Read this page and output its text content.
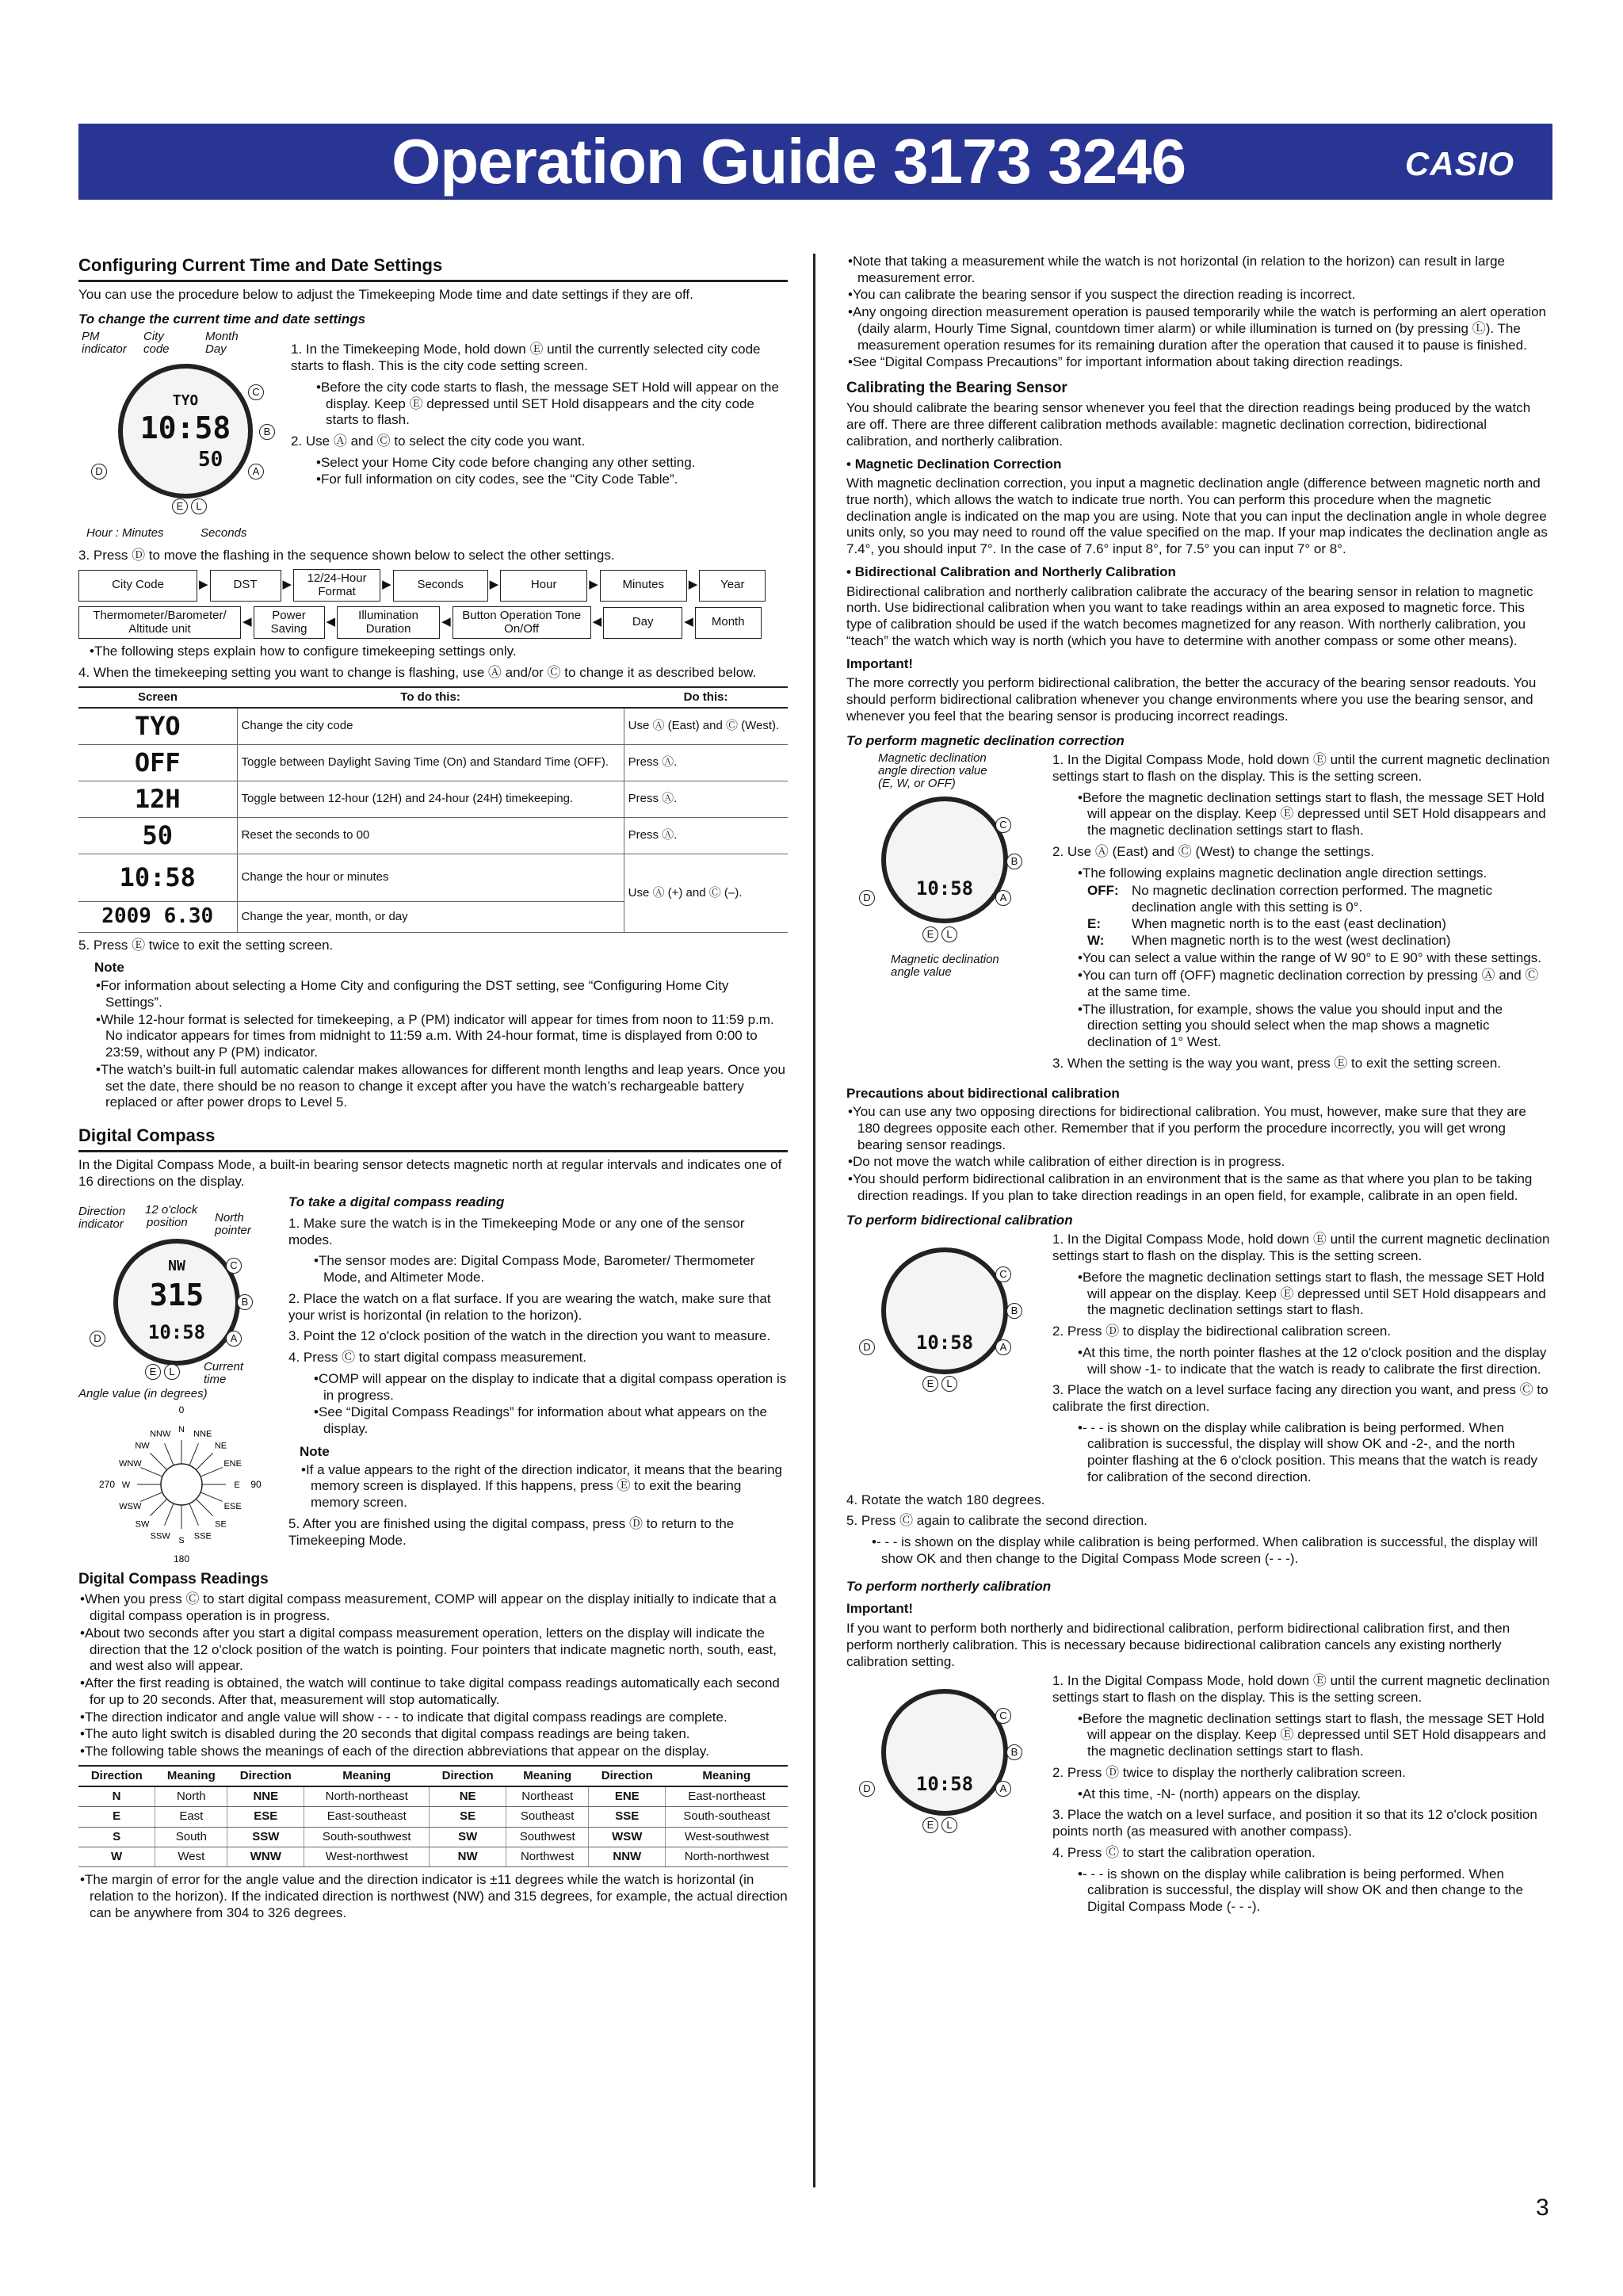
Operation Guide 3173 3246	CASIO
Configuring Current Time and Date Settings

You can use the procedure below to adjust the Timekeeping Mode time and date settings if they are off.

To change the current time and date settings
PM
indicator
City
code
Month
Day
TYO
10:58
50
C
B
A
D
E	L
Hour : Minutes	Seconds
1. In the Timekeeping Mode, hold down Ⓔ until the currently selected city code starts to flash. This is the city code setting screen.
• Before the city code starts to flash, the message SET Hold will appear on the display. Keep Ⓔ depressed until SET Hold disappears and the city code starts to flash.
2. Use Ⓐ and Ⓒ to select the city code you want.
• Select your Home City code before changing any other setting.
• For full information on city codes, see the “City Code Table”.
3. Press Ⓓ to move the flashing in the sequence shown below to select the other settings.
City Code	▶	DST	▶	12/24-Hour Format	▶	Seconds	▶	Hour	▶	Minutes	▶	Year
Thermometer/Barometer/ Altitude unit	◀	Power Saving	◀	Illumination Duration	◀ Button Operation Tone On/Off	◀	Day	◀	Month
• The following steps explain how to configure timekeeping settings only.
4. When the timekeeping setting you want to change is flashing, use Ⓐ and/or Ⓒ to change it as described below.
Screen	To do this:	Do this:
TYO	Change the city code	Use Ⓐ (East) and Ⓒ (West).
OFF	Toggle between Daylight Saving Time (On) and Standard Time (OFF).	Press Ⓐ.
12H	Toggle between 12-hour (12H) and 24-hour (24H) timekeeping.	Press Ⓐ.
50	Reset the seconds to 00	Press Ⓐ.
10:58	Change the hour or minutes	Use Ⓐ (+) and Ⓒ (–).
2009 6.30	Change the year, month, or day	
5. Press Ⓔ twice to exit the setting screen.
Note
• For information about selecting a Home City and configuring the DST setting, see “Configuring Home City Settings”.
• While 12-hour format is selected for timekeeping, a P (PM) indicator will appear for times from noon to 11:59 p.m. No indicator appears for times from midnight to 11:59 a.m. With 24-hour format, time is displayed from 0:00 to 23:59, without any P (PM) indicator.
• The watch’s built-in full automatic calendar makes allowances for different month lengths and leap years. Once you set the date, there should be no reason to change it except after you have the watch’s rechargeable battery replaced or after power drops to Level 5.
Digital Compass

In the Digital Compass Mode, a built-in bearing sensor detects magnetic north at regular intervals and indicates one of 16 directions on the display.

Direction
indicator
12 o'clock
position North
pointer
NW
315
10:58
C
B
A
D
E	L	Current
time
Angle value (in degrees)
0
90
180
270
N NNE
NE
ENE
E
ESE
SE
SSE
S
SSW
SW
WSW
W
WNW
NW
NNW
To take a digital compass reading
1. Make sure the watch is in the Timekeeping Mode or any one of the sensor modes.
• The sensor modes are: Digital Compass Mode, Barometer/ Thermometer Mode, and Altimeter Mode.
2. Place the watch on a flat surface. If you are wearing the watch, make sure that your wrist is horizontal (in relation to the horizon).
3. Point the 12 o'clock position of the watch in the direction you want to measure.
4. Press Ⓒ to start digital compass measurement.
• COMP will appear on the display to indicate that a digital compass operation is in progress.
• See “Digital Compass Readings” for information about what appears on the display.
Note
• If a value appears to the right of the direction indicator, it means that the bearing memory screen is displayed. If this happens, press Ⓔ to exit the bearing memory screen.
5. After you are finished using the digital compass, press Ⓓ to return to the Timekeeping Mode.
Digital Compass Readings
• When you press Ⓒ to start digital compass measurement, COMP will appear on the display initially to indicate that a digital compass operation is in progress.
• About two seconds after you start a digital compass measurement operation, letters on the display will indicate the direction that the 12 o'clock position of the watch is pointing. Four pointers that indicate magnetic north, south, east, and west also will appear.
• After the first reading is obtained, the watch will continue to take digital compass readings automatically each second for up to 20 seconds. After that, measurement will stop automatically.
• The direction indicator and angle value will show - - - to indicate that digital compass readings are complete.
• The auto light switch is disabled during the 20 seconds that digital compass readings are being taken.
• The following table shows the meanings of each of the direction abbreviations that appear on the display.
Direction	Meaning	Direction	Meaning	Direction	Meaning	Direction	Meaning
N	North	NNE	North-northeast	NE	Northeast	ENE	East-northeast
E	East	ESE	East-southeast	SE	Southeast	SSE	South-southeast
S	South	SSW	South-southwest	SW	Southwest	WSW	West-southwest
W	West	WNW	West-northwest	NW	Northwest	NNW	North-northwest
• The margin of error for the angle value and the direction indicator is ±11 degrees while the watch is horizontal (in relation to the horizon). If the indicated direction is northwest (NW) and 315 degrees, for example, the actual direction can be anywhere from 304 to 326 degrees.
• Note that taking a measurement while the watch is not horizontal (in relation to the horizon) can result in large measurement error.
• You can calibrate the bearing sensor if you suspect the direction reading is incorrect.
• Any ongoing direction measurement operation is paused temporarily while the watch is performing an alert operation (daily alarm, Hourly Time Signal, countdown timer alarm) or while illumination is turned on (by pressing Ⓛ). The measurement operation resumes for its remaining duration after the operation that caused it to pause is finished.
• See “Digital Compass Precautions” for important information about taking direction readings.
Calibrating the Bearing Sensor

You should calibrate the bearing sensor whenever you feel that the direction readings being produced by the watch are off. There are three different calibration methods available: magnetic declination correction, bidirectional calibration, and northerly calibration.

• Magnetic Declination Correction

With magnetic declination correction, you input a magnetic declination angle (difference between magnetic north and true north), which allows the watch to indicate true north. You can perform this procedure when the magnetic declination angle is indicated on the map you are using. Note that you can input the declination angle in whole degree units only, so you may need to round off the value specified on the map. If your map indicates the declination angle as 7.4°, you should input 7°. In the case of 7.6° input 8°, for 7.5° you can input 7° or 8°.

• Bidirectional Calibration and Northerly Calibration

Bidirectional calibration and northerly calibration calibrate the accuracy of the bearing sensor in relation to magnetic north. Use bidirectional calibration when you want to take readings within an area exposed to magnetic force. This type of calibration should be used if the watch becomes magnetized for any reason. With northerly calibration, you “teach” the watch which way is north (which you have to determine with another compass or some other means).

Important!

The more correctly you perform bidirectional calibration, the better the accuracy of the bearing sensor readouts. You should perform bidirectional calibration whenever you change environments where you use the bearing sensor, and whenever you feel that the bearing sensor is producing incorrect readings.

To perform magnetic declination correction
Magnetic declination
angle direction value
(E, W, or OFF)
10:58
C
B
A
D
E	L
Magnetic declination
angle value
1. In the Digital Compass Mode, hold down Ⓔ until the current magnetic declination settings start to flash on the display. This is the setting screen.
• Before the magnetic declination settings start to flash, the message SET Hold will appear on the display. Keep Ⓔ depressed until SET Hold disappears and the magnetic declination settings start to flash.
2. Use Ⓐ (East) and Ⓒ (West) to change the settings.
• The following explains magnetic declination angle direction settings.
OFF: No magnetic declination correction performed. The magnetic declination angle with this setting is 0°.
E:	When magnetic north is to the east (east declination)
W:	When magnetic north is to the west (west declination)
• You can select a value within the range of W 90° to E 90° with these settings.
• You can turn off (OFF) magnetic declination correction by pressing Ⓐ and Ⓒ at the same time.
• The illustration, for example, shows the value you should input and the direction setting you should select when the map shows a magnetic declination of 1° West.
3. When the setting is the way you want, press Ⓔ to exit the setting screen.
Precautions about bidirectional calibration
• You can use any two opposing directions for bidirectional calibration. You must, however, make sure that they are 180 degrees opposite each other. Remember that if you perform the procedure incorrectly, you will get wrong bearing sensor readings.
• Do not move the watch while calibration of either direction is in progress.
• You should perform bidirectional calibration in an environment that is the same as that where you plan to be taking direction readings. If you plan to take direction readings in an open field, for example, calibrate in an open field.
To perform bidirectional calibration
10:58
C
B
A
D
E	L
1. In the Digital Compass Mode, hold down Ⓔ until the current magnetic declination settings start to flash on the display. This is the setting screen.
• Before the magnetic declination settings start to flash, the message SET Hold will appear on the display. Keep Ⓔ depressed until SET Hold disappears and the magnetic declination settings start to flash.
2. Press Ⓓ to display the bidirectional calibration screen.
• At this time, the north pointer flashes at the 12 o'clock position and the display will show -1- to indicate that the watch is ready to calibrate the first direction.
3. Place the watch on a level surface facing any direction you want, and press Ⓒ to calibrate the first direction.
• - - - is shown on the display while calibration is being performed. When calibration is successful, the display will show OK and -2-, and the north pointer flashing at the 6 o'clock position. This means that the watch is ready for calibration of the second direction.
4. Rotate the watch 180 degrees.
5. Press Ⓒ again to calibrate the second direction.
• - - - is shown on the display while calibration is being performed. When calibration is successful, the display will show OK and then change to the Digital Compass Mode screen (- - -).
To perform northerly calibration
Important!

If you want to perform both northerly and bidirectional calibration, perform bidirectional calibration first, and then perform northerly calibration. This is necessary because bidirectional calibration cancels any existing northerly calibration setting.

10:58
C
B
A
D
E	L
1. In the Digital Compass Mode, hold down Ⓔ until the current magnetic declination settings start to flash on the display. This is the setting screen.
• Before the magnetic declination settings start to flash, the message SET Hold will appear on the display. Keep Ⓔ depressed until SET Hold disappears and the magnetic declination settings start to flash.
2. Press Ⓓ twice to display the northerly calibration screen.
• At this time, -N- (north) appears on the display.
3. Place the watch on a level surface, and position it so that its 12 o'clock position points north (as measured with another compass).
4. Press Ⓒ to start the calibration operation.
• - - - is shown on the display while calibration is being performed. When calibration is successful, the display will show OK and then change to the Digital Compass Mode (- - -).
3
